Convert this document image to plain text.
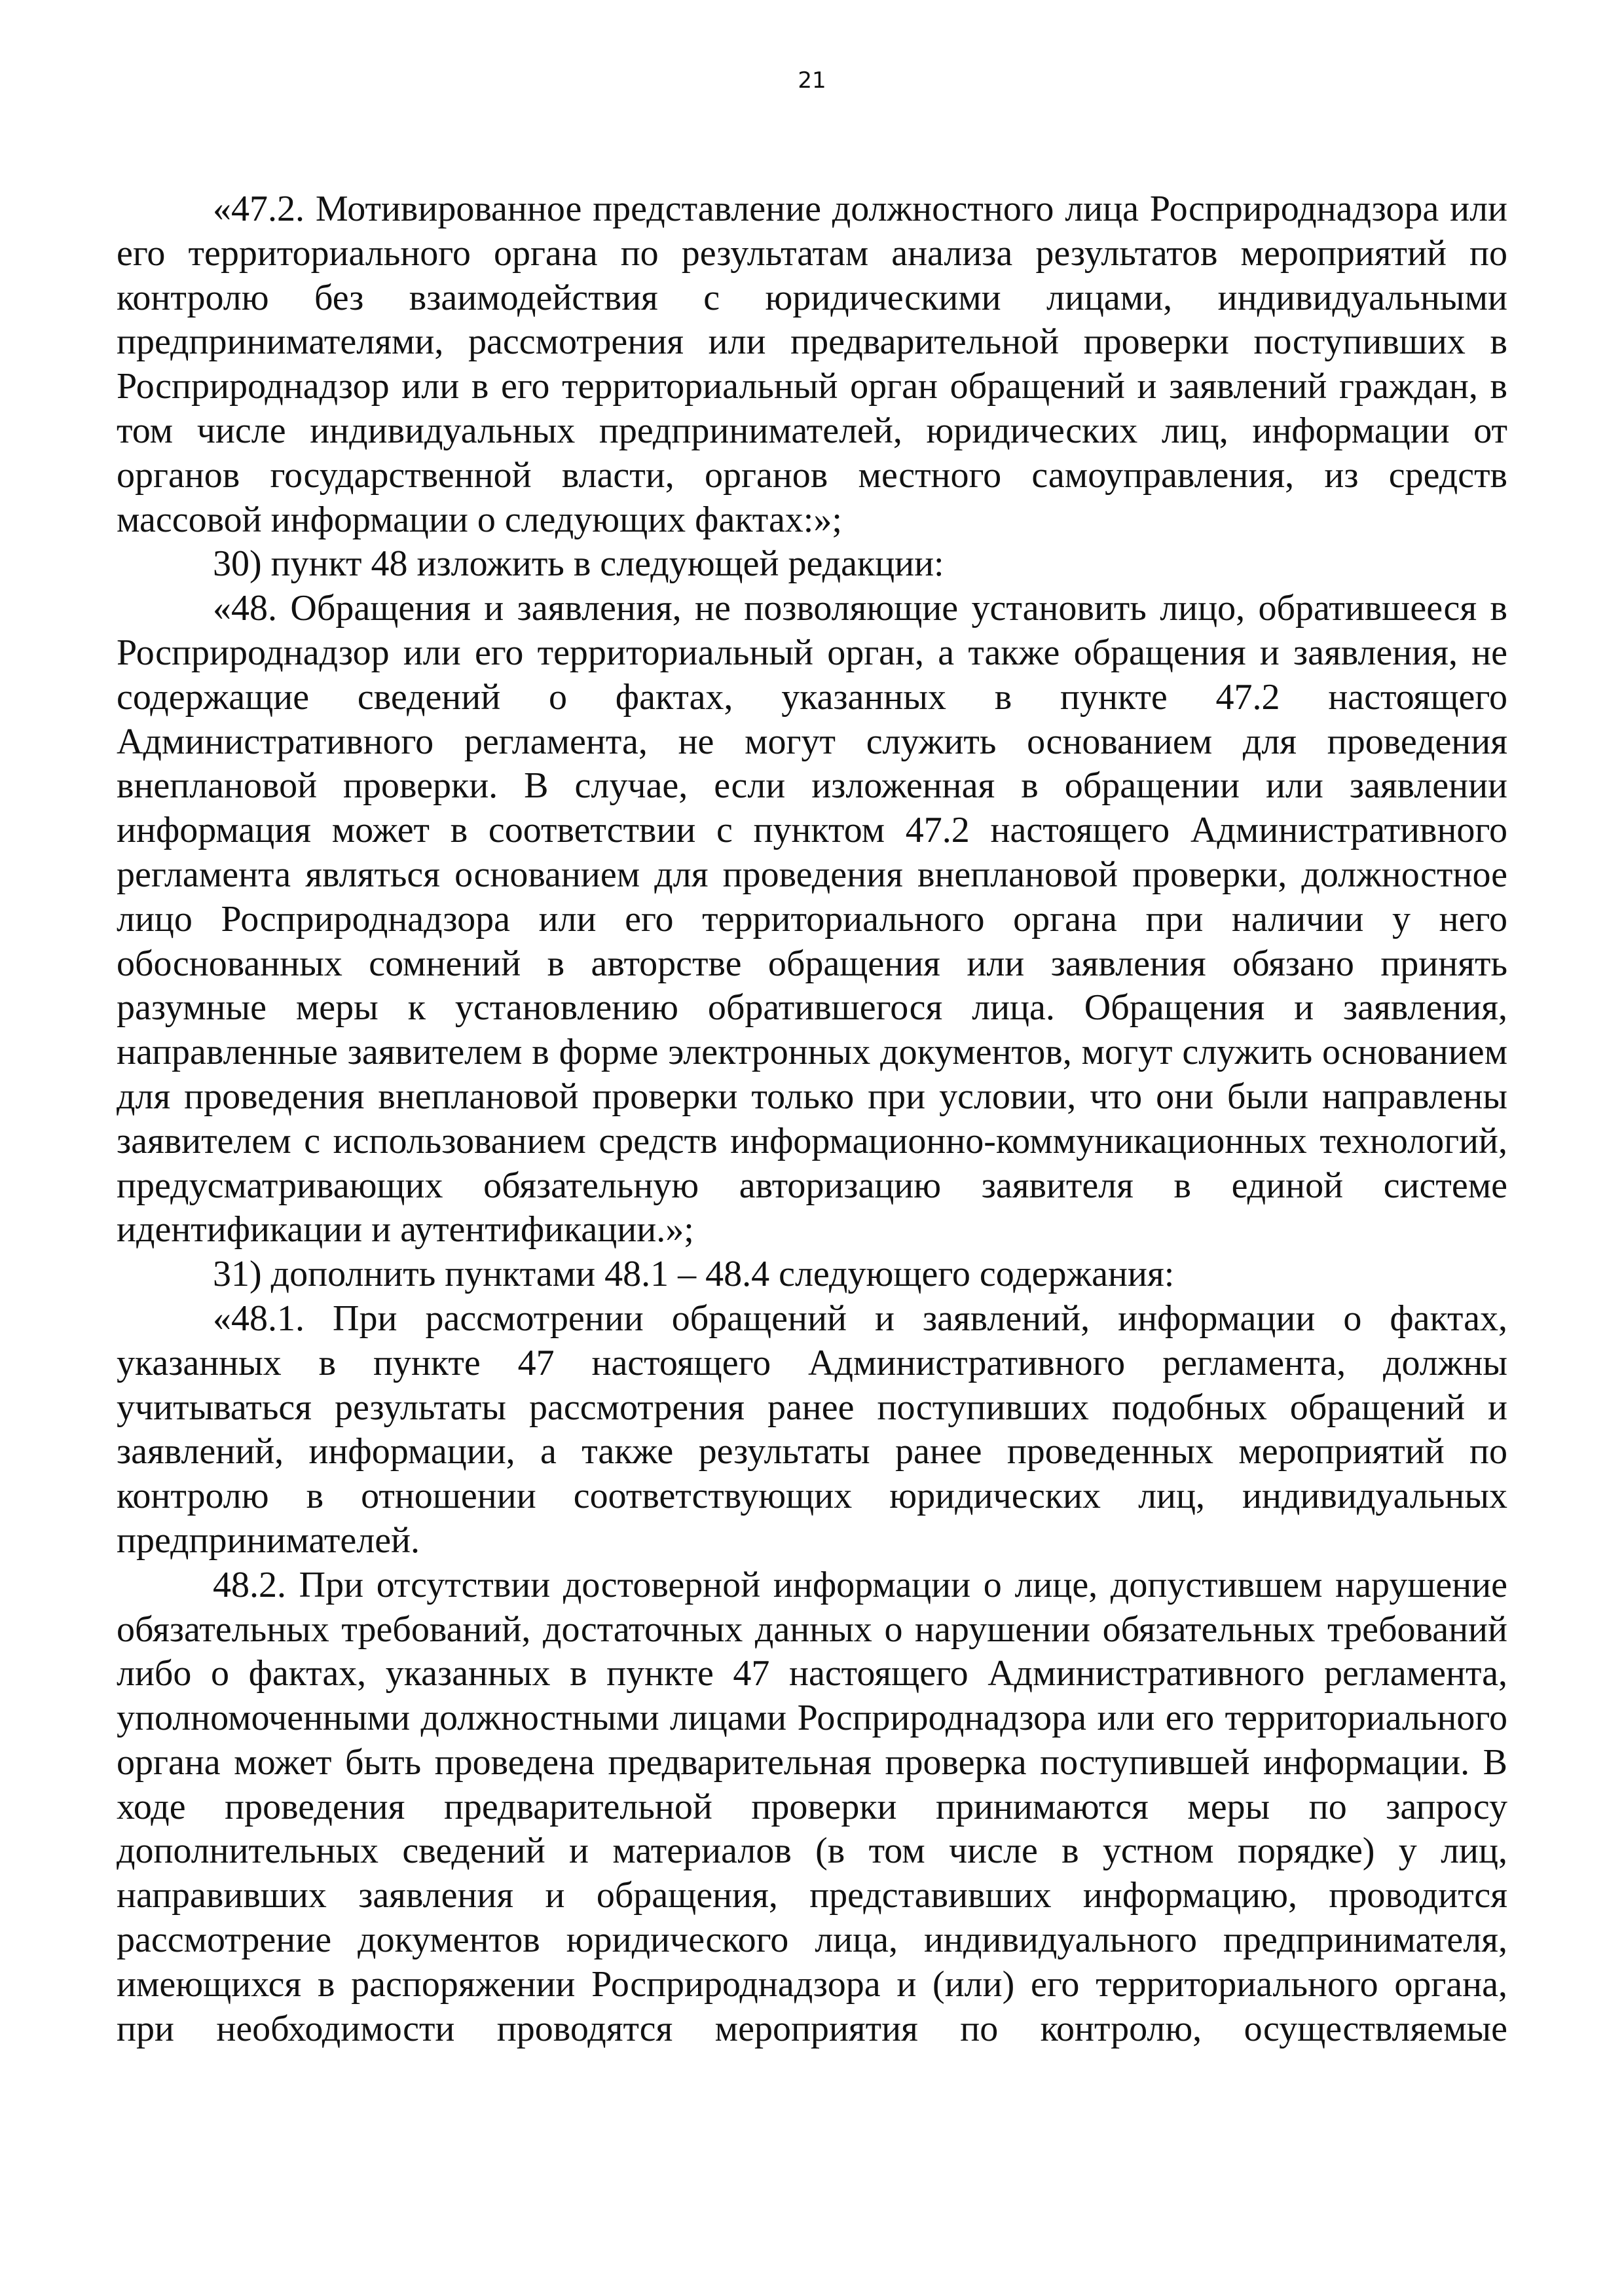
21

«47.2. Мотивированное представление должностного лица Росприроднадзора или его территориального органа по результатам анализа результатов мероприятий по контролю без взаимодействия с юридическими лицами, индивидуальными предпринимателями, рассмотрения или предварительной проверки поступивших в Росприроднадзор или в его территориальный орган обращений и заявлений граждан, в том числе индивидуальных предпринимателей, юридических лиц, информации от органов государственной власти, органов местного самоуправления, из средств массовой информации о следующих фактах:»;

30) пункт 48 изложить в следующей редакции:

«48. Обращения и заявления, не позволяющие установить лицо, обратившееся в Росприроднадзор или его территориальный орган, а также обращения и заявления, не содержащие сведений о фактах, указанных в пункте 47.2 настоящего Административного регламента, не могут служить основанием для проведения внеплановой проверки. В случае, если изложенная в обращении или заявлении информация может в соответствии с пунктом 47.2 настоящего Административного регламента являться основанием для проведения внеплановой проверки, должностное лицо Росприроднадзора или его территориального органа при наличии у него обоснованных сомнений в авторстве обращения или заявления обязано принять разумные меры к установлению обратившегося лица. Обращения и заявления, направленные заявителем в форме электронных документов, могут служить основанием для проведения внеплановой проверки только при условии, что они были направлены заявителем с использованием средств информационно-коммуникационных технологий, предусматривающих обязательную авторизацию заявителя в единой системе идентификации и аутентификации.»;

31) дополнить пунктами 48.1 – 48.4 следующего содержания:

«48.1. При рассмотрении обращений и заявлений, информации о фактах, указанных в пункте 47 настоящего Административного регламента, должны учитываться результаты рассмотрения ранее поступивших подобных обращений и заявлений, информации, а также результаты ранее проведенных мероприятий по контролю в отношении соответствующих юридических лиц, индивидуальных предпринимателей.

48.2. При отсутствии достоверной информации о лице, допустившем нарушение обязательных требований, достаточных данных о нарушении обязательных требований либо о фактах, указанных в пункте 47 настоящего Административного регламента, уполномоченными должностными лицами Росприроднадзора или его территориального органа может быть проведена предварительная проверка поступившей информации. В ходе проведения предварительной проверки принимаются меры по запросу дополнительных сведений и материалов (в том числе в устном порядке) у лиц, направивших заявления и обращения, представивших информацию, проводится рассмотрение документов юридического лица, индивидуального предпринимателя, имеющихся в распоряжении Росприроднадзора и (или) его территориального органа, при необходимости проводятся мероприятия по контролю, осуществляемые
